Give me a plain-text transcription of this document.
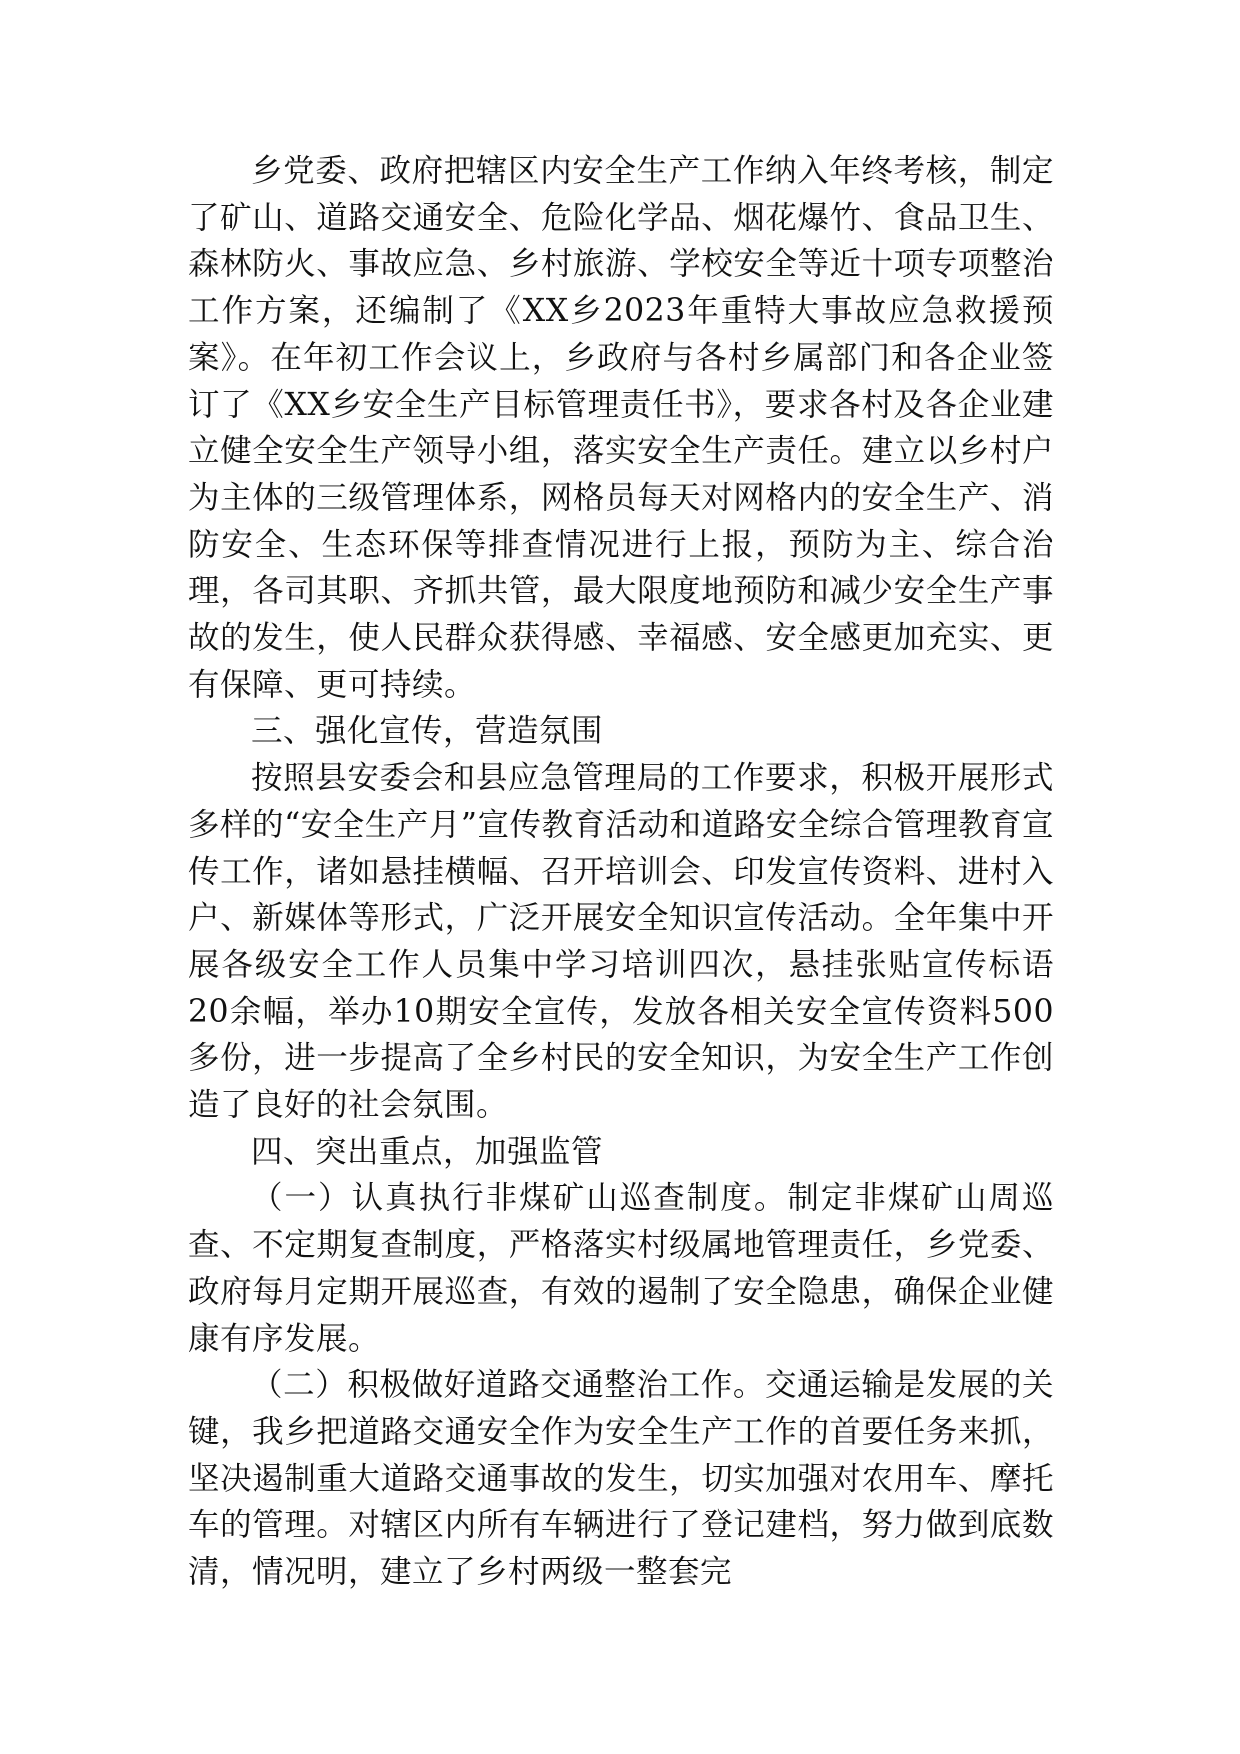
乡党委、政府把辖区内安全生产工作纳入年终考核，制定了矿山、道路交通安全、危险化学品、烟花爆竹、食品卫生、森林防火、事故应急、乡村旅游、学校安全等近十项专项整治工作方案，还编制了《XX乡2023年重特大事故应急救援预案》。在年初工作会议上，乡政府与各村乡属部门和各企业签订了《XX乡安全生产目标管理责任书》，要求各村及各企业建立健全安全生产领导小组，落实安全生产责任。建立以乡村户为主体的三级管理体系，网格员每天对网格内的安全生产、消防安全、生态环保等排查情况进行上报，预防为主、综合治理，各司其职、齐抓共管，最大限度地预防和减少安全生产事故的发生，使人民群众获得感、幸福感、安全感更加充实、更有保障、更可持续。

三、强化宣传，营造氛围

按照县安委会和县应急管理局的工作要求，积极开展形式多样的“安全生产月”宣传教育活动和道路安全综合管理教育宣传工作，诸如悬挂横幅、召开培训会、印发宣传资料、进村入户、新媒体等形式，广泛开展安全知识宣传活动。全年集中开展各级安全工作人员集中学习培训四次，悬挂张贴宣传标语20余幅，举办10期安全宣传，发放各相关安全宣传资料500多份，进一步提高了全乡村民的安全知识，为安全生产工作创造了良好的社会氛围。

四、突出重点，加强监管

（一）认真执行非煤矿山巡查制度。制定非煤矿山周巡查、不定期复查制度，严格落实村级属地管理责任，乡党委、政府每月定期开展巡查，有效的遏制了安全隐患，确保企业健康有序发展。

（二）积极做好道路交通整治工作。交通运输是发展的关键，我乡把道路交通安全作为安全生产工作的首要任务来抓，坚决遏制重大道路交通事故的发生，切实加强对农用车、摩托车的管理。对辖区内所有车辆进行了登记建档，努力做到底数清，情况明，建立了乡村两级一整套完
